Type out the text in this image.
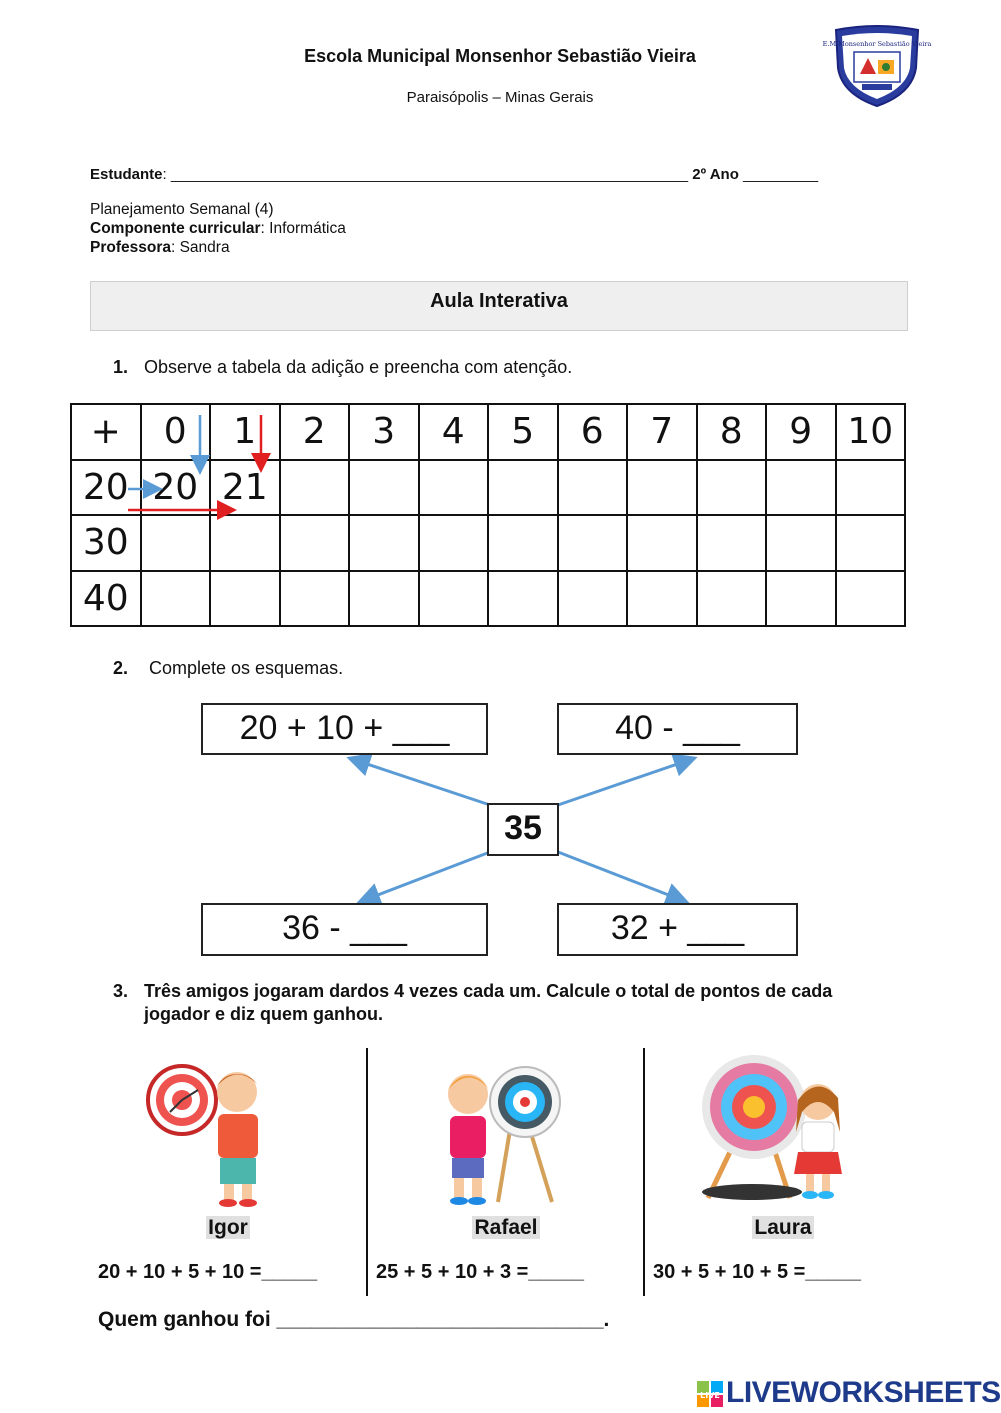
Escola Municipal Monsenhor Sebastião Vieira
Paraisópolis – Minas Gerais
E.M.Monsenhor Sebastião Vieira
Estudante: ______________________________________________________________ 2º Ano _________
Planejamento Semanal (4)
Componente curricular: Informática
Professora: Sandra
Aula Interativa
1. Observe a tabela da adição e preencha com atenção.
+	0	1	2	3	4	5	6	7	8	9	10
20	20	21									
30											
40											
2. Complete os esquemas.
20 + 10 + ___	40 - ___
35
36 - ___	32 + ___
3. Três amigos jogaram dardos 4 vezes cada um. Calcule o total de pontos de cada jogador e diz quem ganhou.
Igor	Rafael	Laura
20 + 10 + 5 + 10 =_____	25 + 5 + 10 + 3 =_____	30 + 5 + 10 + 5 =_____
Quem ganhou foi ____________________________.
LIVE LIVEWORKSHEETS
